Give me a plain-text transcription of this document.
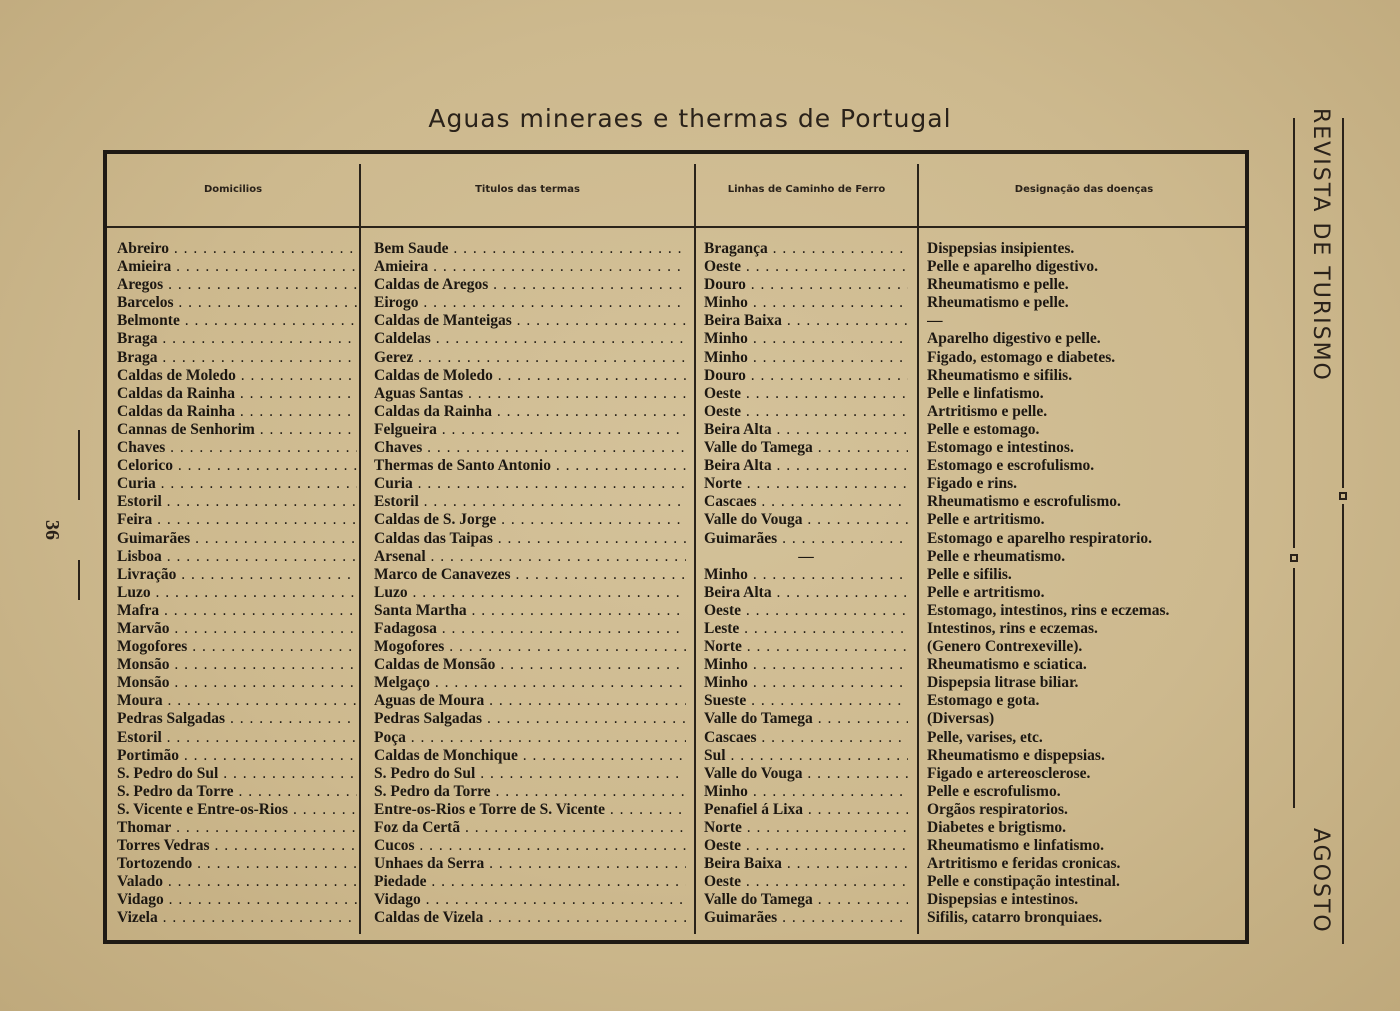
Aguas mineraes e thermas de Portugal
36
REVISTA DE TURISMO
AGOSTO
Domicilios	Titulos das termas	Linhas de Caminho de Ferro	Designação das doenças
Abreiro . . .	Bem Saude . . .	Bragança . . .	Dispepsias insipientes.
Amieira . . .	Amieira . . .	Oeste . . .	Pelle e aparelho digestivo.
Aregos . . .	Caldas de Aregos . . .	Douro . . .	Rheumatismo e pelle.
Barcelos . . .	Eirogo . . .	Minho . . .	Rheumatismo e pelle.
Belmonte . . .	Caldas de Manteigas . . .	Beira Baixa . . .	—
Braga . . .	Caldelas . . .	Minho . . .	Aparelho digestivo e pelle.
Braga . . .	Gerez . . .	Minho . . .	Figado, estomago e diabetes.
Caldas de Moledo . . .	Caldas de Moledo . . .	Douro . . .	Rheumatismo e sifilis.
Caldas da Rainha . . .	Aguas Santas . . .	Oeste . . .	Pelle e linfatismo.
Caldas da Rainha . . .	Caldas da Rainha . . .	Oeste . . .	Artritismo e pelle.
Cannas de Senhorim . . .	Felgueira . . .	Beira Alta . . .	Pelle e estomago.
Chaves . . .	Chaves . . .	Valle do Tamega . . .	Estomago e intestinos.
Celorico . . .	Thermas de Santo Antonio . . .	Beira Alta . . .	Estomago e escrofulismo.
Curia . . .	Curia . . .	Norte . . .	Figado e rins.
Estoril . . .	Estoril . . .	Cascaes . . .	Rheumatismo e escrofulismo.
Feira . . .	Caldas de S. Jorge . . .	Valle do Vouga . . .	Pelle e artritismo.
Guimarães . . .	Caldas das Taipas . . .	Guimarães . . .	Estomago e aparelho respiratorio.
Lisboa . . .	Arsenal . . .	—	Pelle e rheumatismo.
Livração . . .	Marco de Canavezes . . .	Minho . . .	Pelle e sifilis.
Luzo . . .	Luzo . . .	Beira Alta . . .	Pelle e artritismo.
Mafra . . .	Santa Martha . . .	Oeste . . .	Estomago, intestinos, rins e eczemas.
Marvão . . .	Fadagosa . . .	Leste . . .	Intestinos, rins e eczemas.
Mogofores . . .	Mogofores . . .	Norte . . .	(Genero Contrexeville).
Monsão . . .	Caldas de Monsão . . .	Minho . . .	Rheumatismo e sciatica.
Monsão . . .	Melgaço . . .	Minho . . .	Dispepsia litrase biliar.
Moura . . .	Aguas de Moura . . .	Sueste . . .	Estomago e gota.
Pedras Salgadas . . .	Pedras Salgadas . . .	Valle do Tamega . . .	(Diversas)
Estoril . . .	Poça . . .	Cascaes . . .	Pelle, varises, etc.
Portimão . . .	Caldas de Monchique . . .	Sul . . .	Rheumatismo e dispepsias.
S. Pedro do Sul . . .	S. Pedro do Sul . . .	Valle do Vouga . . .	Figado e artereosclerose.
S. Pedro da Torre . . .	S. Pedro da Torre . . .	Minho . . .	Pelle e escrofulismo.
S. Vicente e Entre-os-Rios . . .	Entre-os-Rios e Torre de S. Vicente . . .	Penafiel á Lixa . . .	Orgãos respiratorios.
Thomar . . .	Foz da Certã . . .	Norte . . .	Diabetes e brigtismo.
Torres Vedras . . .	Cucos . . .	Oeste . . .	Rheumatismo e linfatismo.
Tortozendo . . .	Unhaes da Serra . . .	Beira Baixa . . .	Artritismo e feridas cronicas.
Valado . . .	Piedade . . .	Oeste . . .	Pelle e constipação intestinal.
Vidago . . .	Vidago . . .	Valle do Tamega . . .	Dispepsias e intestinos.
Vizela . . .	Caldas de Vizela . . .	Guimarães . . .	Sifilis, catarro bronquiaes.
